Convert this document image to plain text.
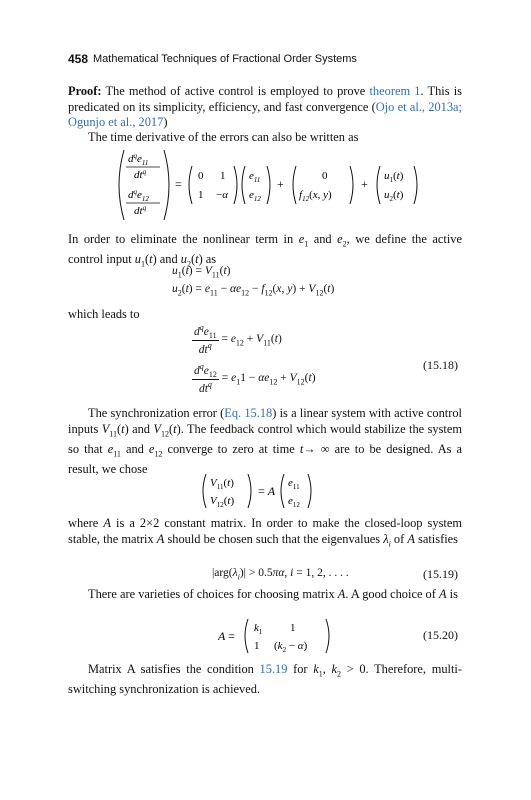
458 Mathematical Techniques of Fractional Order Systems
Proof: The method of active control is employed to prove theorem 1. This is predicated on its simplicity, efficiency, and fast convergence (Ojo et al., 2013a; Ogunjo et al., 2017)
The time derivative of the errors can also be written as
$d^qe_{11}$
$dt^q$
$d^qe_{12}$
$dt^q$
=
0 1
1 −α
$e_{11}$
$e_{12}$
+
0
$f_{12}(x$, y)
+
$u_1(t)$
$u_2(t)$
In order to eliminate the nonlinear term in $e_1$ and $e_2$, we define the active control input $u_1(t)$ and $u_2(t)$ as
$u_1(t) = V_{11}(t)$
$u_2(t) = e_{11} - \alpha e_{12} - f_{12}(x$, $y) + V_{12}(t)$
which leads to
$\frac{d^qe_{11}}{dt^q} = e_{12} + V_{11}(t)$
$\frac{d^qe_{12}}{dt^q} = e_11 - \alpha e_{12} + V_{12}(t)$
(15.18)
The synchronization error (Eq. 15.18) is a linear system with active control inputs $V_{11}(t)$ and $V_{12}(t)$. The feedback control which would stabilize the system so that $e_{11}$ and $e_{12}$ converge to zero at time t→ ∞ are to be designed. As a result, we chose
$V_{11}(t)$
$V_{12}(t)$
= A
$e_{11}$
$e_{12}$
where A is a 2×2 constant matrix. In order to make the closed-loop system stable, the matrix A should be chosen such that the eigenvalues $\lambda_i$ of A satisfies
$|arg(\lambda_i)| > 0.5\pi\alpha$, i = 1, 2, . . . .	(15.19)
There are varieties of choices for choosing matrix A. A good choice of A is
A =
$k_1$	1
1 $(k_2 - \alpha)$
(15.20)
Matrix A satisfies the condition 15.19 for $k_1$, $k_2 > 0$. Therefore, multi-switching synchronization is achieved.
